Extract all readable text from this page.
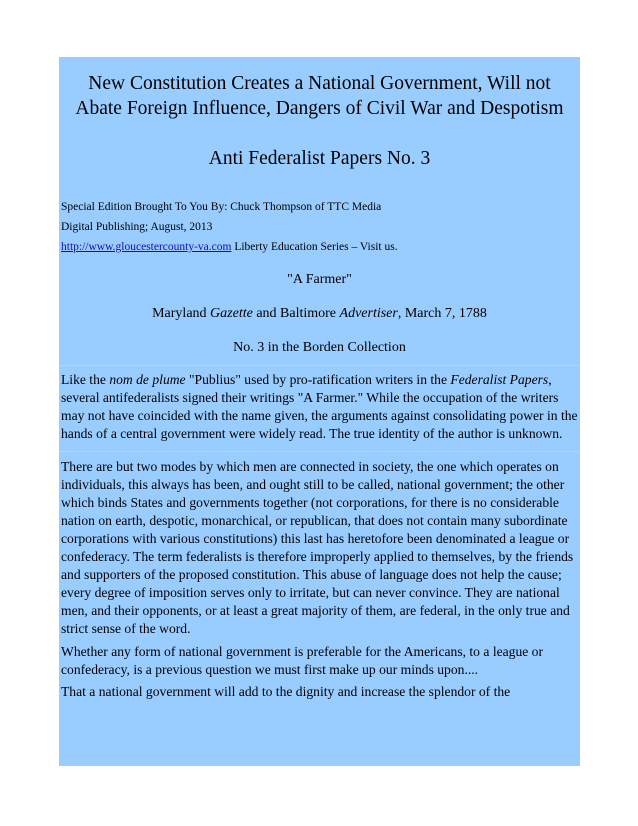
New Constitution Creates a National Government, Will not Abate Foreign Influence, Dangers of Civil War and Despotism
Anti Federalist Papers No. 3
Special Edition Brought To You By: Chuck Thompson of TTC Media
Digital Publishing; August, 2013
http://www.gloucestercounty-va.com Liberty Education Series – Visit us.
"A Farmer"
Maryland Gazette and Baltimore Advertiser, March 7, 1788
No. 3 in the Borden Collection

Like the nom de plume "Publius" used by pro-ratification writers in the Federalist Papers, several antifederalists signed their writings "A Farmer." While the occupation of the writers may not have coincided with the name given, the arguments against consolidating power in the hands of a central government were widely read. The true identity of the author is unknown.

There are but two modes by which men are connected in society, the one which operates on individuals, this always has been, and ought still to be called, national government; the other which binds States and governments together (not corporations, for there is no considerable nation on earth, despotic, monarchical, or republican, that does not contain many subordinate corporations with various constitutions) this last has heretofore been denominated a league or confederacy. The term federalists is therefore improperly applied to themselves, by the friends and supporters of the proposed constitution. This abuse of language does not help the cause; every degree of imposition serves only to irritate, but can never convince. They are national men, and their opponents, or at least a great majority of them, are federal, in the only true and strict sense of the word.

Whether any form of national government is preferable for the Americans, to a league or confederacy, is a previous question we must first make up our minds upon....

That a national government will add to the dignity and increase the splendor of the
